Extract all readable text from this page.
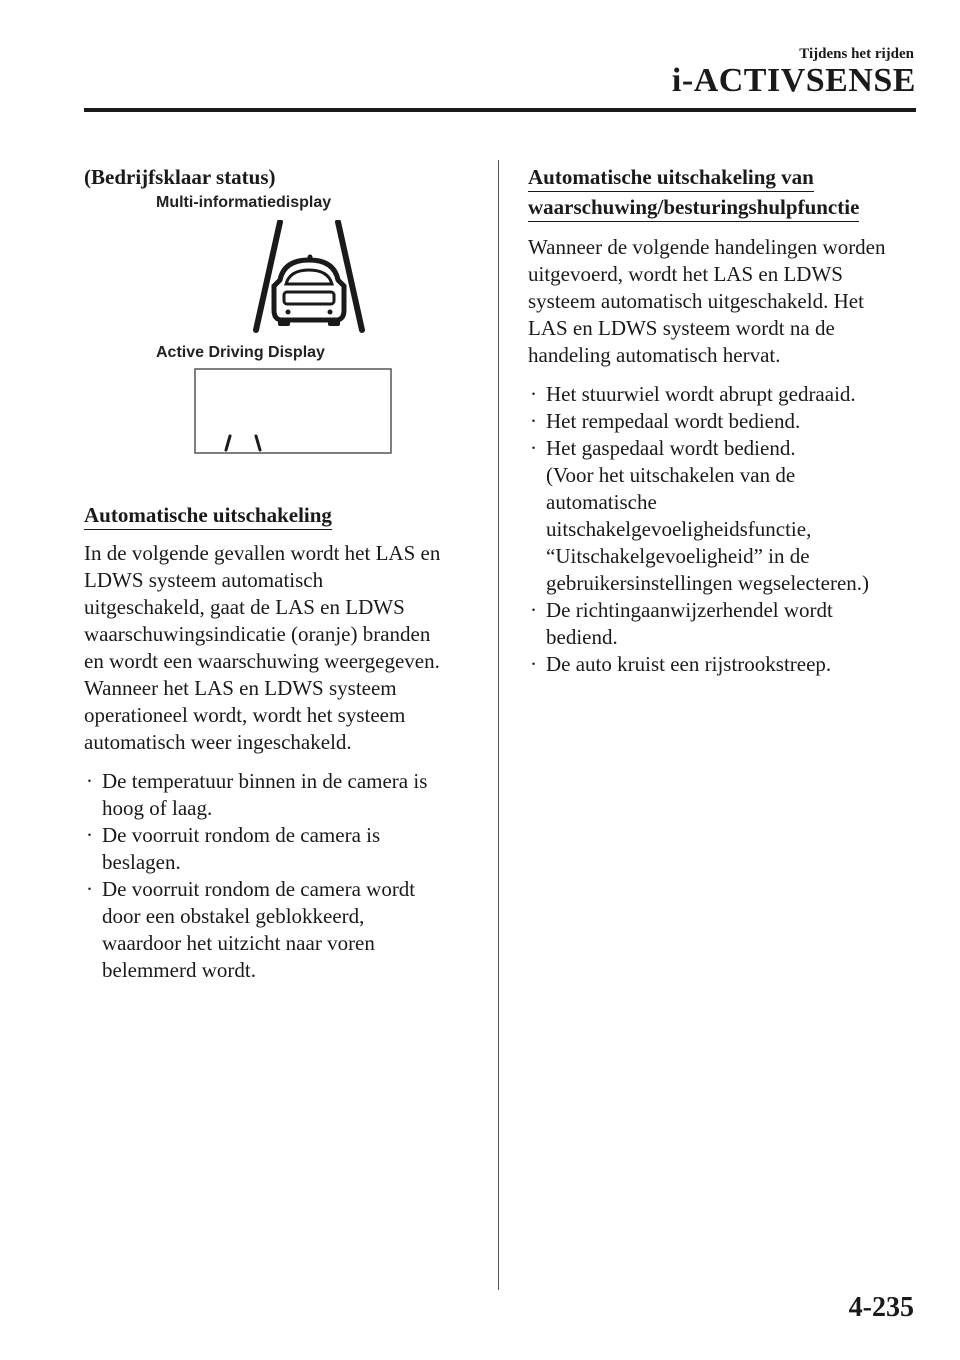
Tijdens het rijden
i-ACTIVSENSE
(Bedrijfsklaar status)
Multi-informatiedisplay
Active Driving Display
Automatische uitschakeling
In de volgende gevallen wordt het LAS en
LDWS systeem automatisch
uitgeschakeld, gaat de LAS en LDWS
waarschuwingsindicatie (oranje) branden
en wordt een waarschuwing weergegeven.
Wanneer het LAS en LDWS systeem
operationeel wordt, wordt het systeem
automatisch weer ingeschakeld.
· De temperatuur binnen in de camera is
hoog of laag.
· De voorruit rondom de camera is
beslagen.
· De voorruit rondom de camera wordt
door een obstakel geblokkeerd,
waardoor het uitzicht naar voren
belemmerd wordt.
Automatische uitschakeling van
waarschuwing/besturingshulpfunctie
Wanneer de volgende handelingen worden
uitgevoerd, wordt het LAS en LDWS
systeem automatisch uitgeschakeld. Het
LAS en LDWS systeem wordt na de
handeling automatisch hervat.
· Het stuurwiel wordt abrupt gedraaid.
· Het rempedaal wordt bediend.
· Het gaspedaal wordt bediend.
(Voor het uitschakelen van de
automatische
uitschakelgevoeligheidsfunctie,
“Uitschakelgevoeligheid” in de
gebruikersinstellingen wegselecteren.)
· De richtingaanwijzerhendel wordt
bediend.
· De auto kruist een rijstrookstreep.
4-235
